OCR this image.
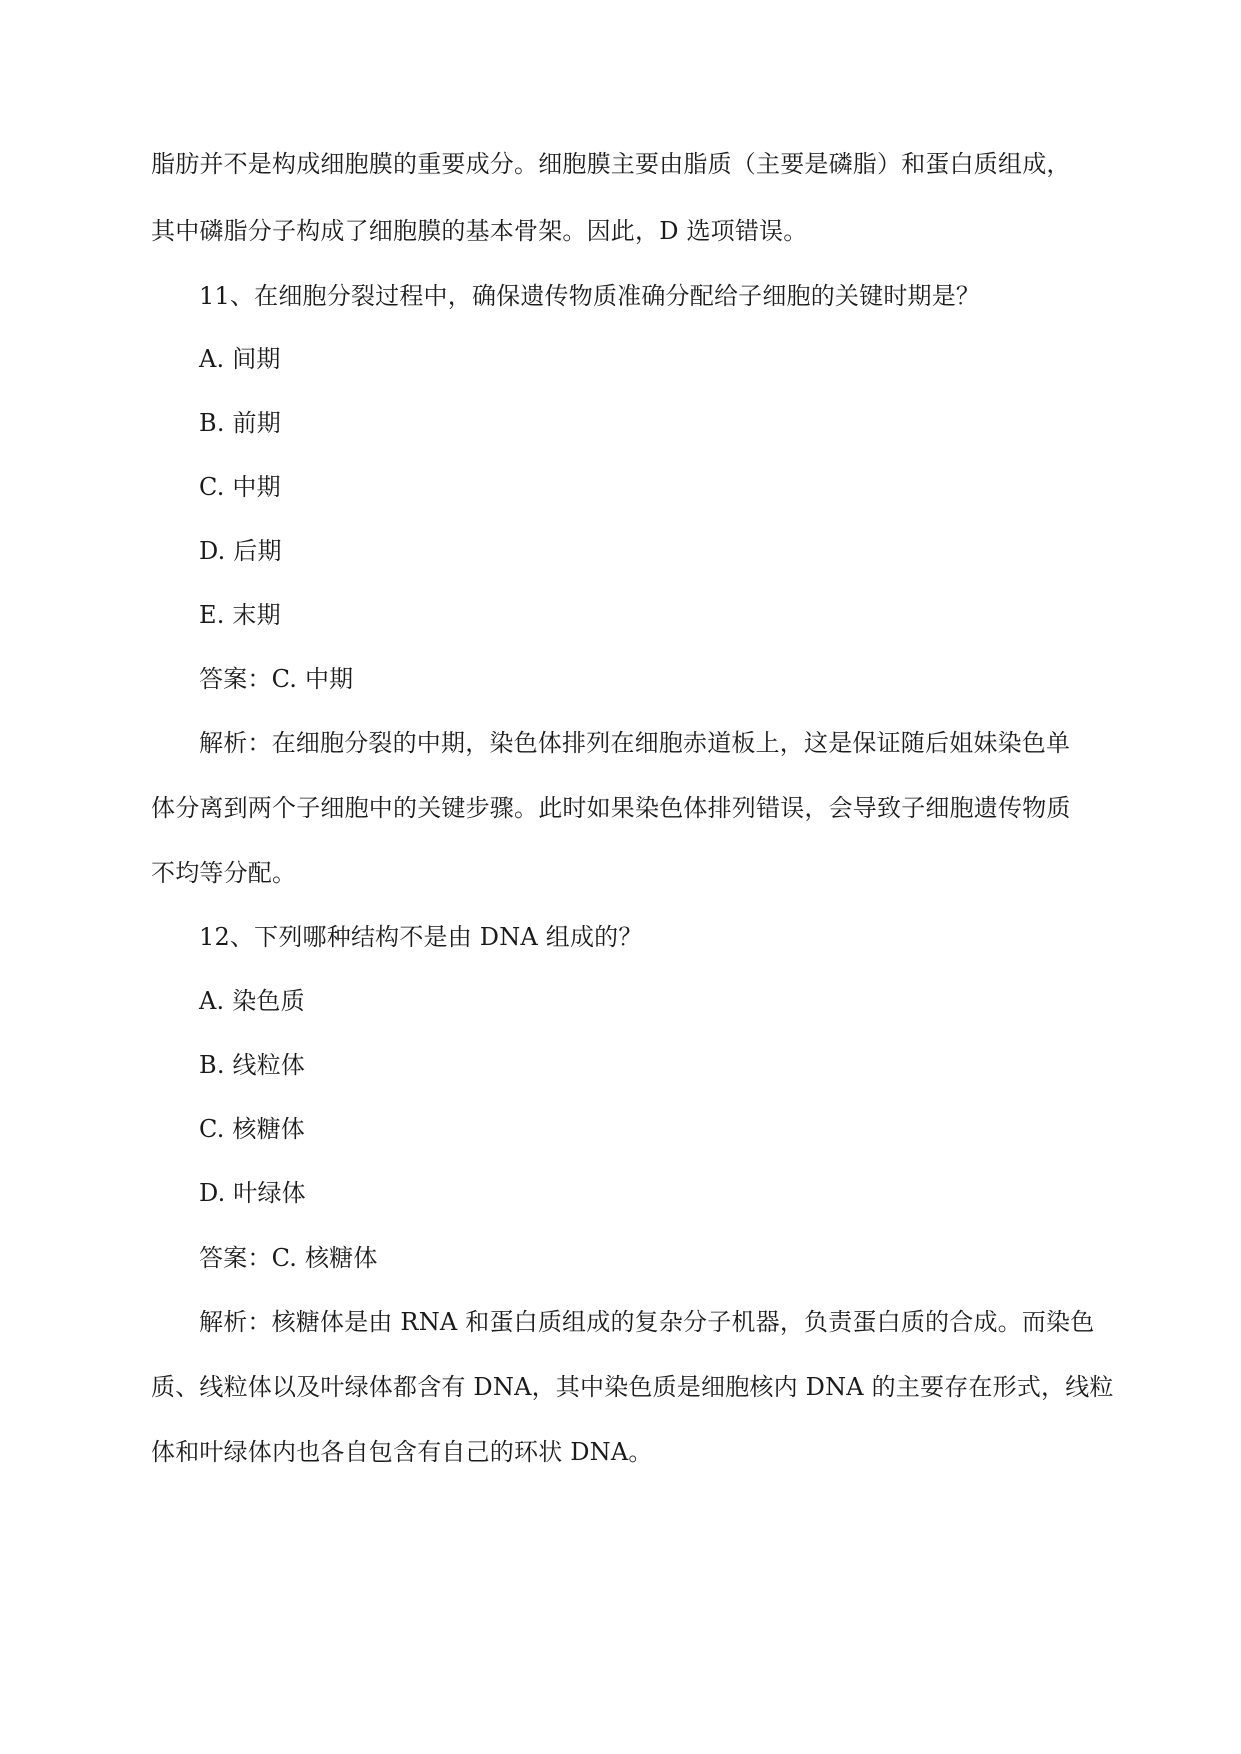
脂肪并不是构成细胞膜的重要成分。细胞膜主要由脂质（主要是磷脂）和蛋白质组成，
其中磷脂分子构成了细胞膜的基本骨架。因此，D 选项错误。
11、在细胞分裂过程中，确保遗传物质准确分配给子细胞的关键时期是？
A. 间期
B. 前期
C. 中期
D. 后期
E. 末期
答案：C. 中期
解析：在细胞分裂的中期，染色体排列在细胞赤道板上，这是保证随后姐妹染色单
体分离到两个子细胞中的关键步骤。此时如果染色体排列错误，会导致子细胞遗传物质
不均等分配。
12、下列哪种结构不是由 DNA 组成的？
A. 染色质
B. 线粒体
C. 核糖体
D. 叶绿体
答案：C. 核糖体
解析：核糖体是由 RNA 和蛋白质组成的复杂分子机器，负责蛋白质的合成。而染色
质、线粒体以及叶绿体都含有 DNA，其中染色质是细胞核内 DNA 的主要存在形式，线粒
体和叶绿体内也各自包含有自己的环状 DNA。
